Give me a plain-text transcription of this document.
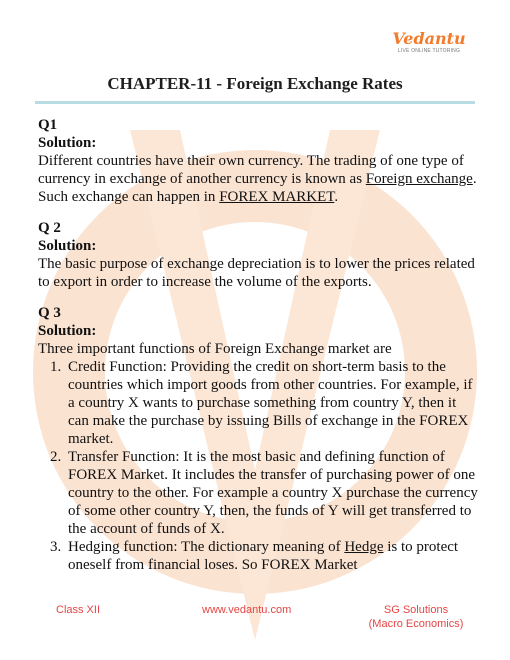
Vedantu
LIVE ONLINE TUTORING
CHAPTER-11 - Foreign Exchange Rates
Q1
Solution:
Different countries have their own currency. The trading of one type of currency in exchange of another currency is known as Foreign exchange. Such exchange can happen in FOREX MARKET.
Q 2
Solution:
The basic purpose of exchange depreciation is to lower the prices related to export in order to increase the volume of the exports.
Q 3
Solution:
Three important functions of Foreign Exchange market are
1. Credit Function: Providing the credit on short-term basis to the countries which import goods from other countries. For example, if a country X wants to purchase something from country Y, then it can make the purchase by issuing Bills of exchange in the FOREX market.
2. Transfer Function: It is the most basic and defining function of FOREX Market. It includes the transfer of purchasing power of one country to the other. For example a country X purchase the currency of some other country Y, then, the funds of Y will get transferred to the account of funds of X.
3. Hedging function: The dictionary meaning of Hedge is to protect oneself from financial loses. So FOREX Market
Class XII	www.vedantu.com	SG Solutions
(Macro Economics)
